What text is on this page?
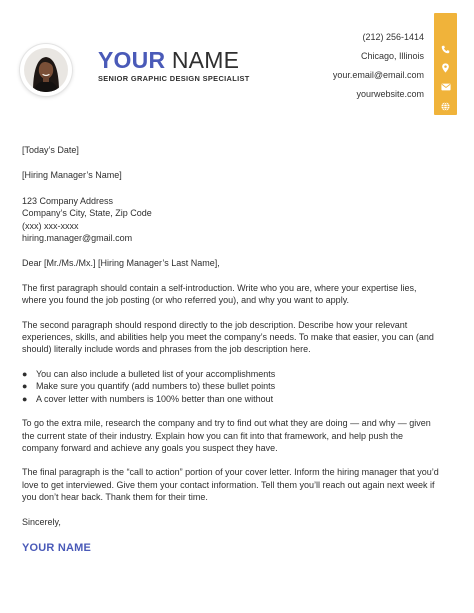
YOUR NAME
SENIOR GRAPHIC DESIGN SPECIALIST
(212) 256-1414
Chicago, Illinois
your.email@email.com
yourwebsite.com

[Today’s Date]

[Hiring Manager’s Name]

123 Company Address
Company’s City, State, Zip Code
(xxx) xxx-xxxx
hiring.manager@gmail.com

Dear [Mr./Ms./Mx.] [Hiring Manager’s Last Name],

The first paragraph should contain a self-introduction. Write who you are, where your expertise lies, where you found the job posting (or who referred you), and why you want to apply.

The second paragraph should respond directly to the job description. Describe how your relevant experiences, skills, and abilities help you meet the company’s needs. To make that easier, you can (and should) literally include words and phrases from the job description here.

● You can also include a bulleted list of your accomplishments
● Make sure you quantify (add numbers to) these bullet points
● A cover letter with numbers is 100% better than one without

To go the extra mile, research the company and try to find out what they are doing — and why — given the current state of their industry. Explain how you can fit into that framework, and help push the company forward and achieve any goals you suspect they have.

The final paragraph is the “call to action” portion of your cover letter. Inform the hiring manager that you’d love to get interviewed. Give them your contact information. Tell them you’ll reach out again next week if you don’t hear back. Thank them for their time.

Sincerely,

YOUR NAME
